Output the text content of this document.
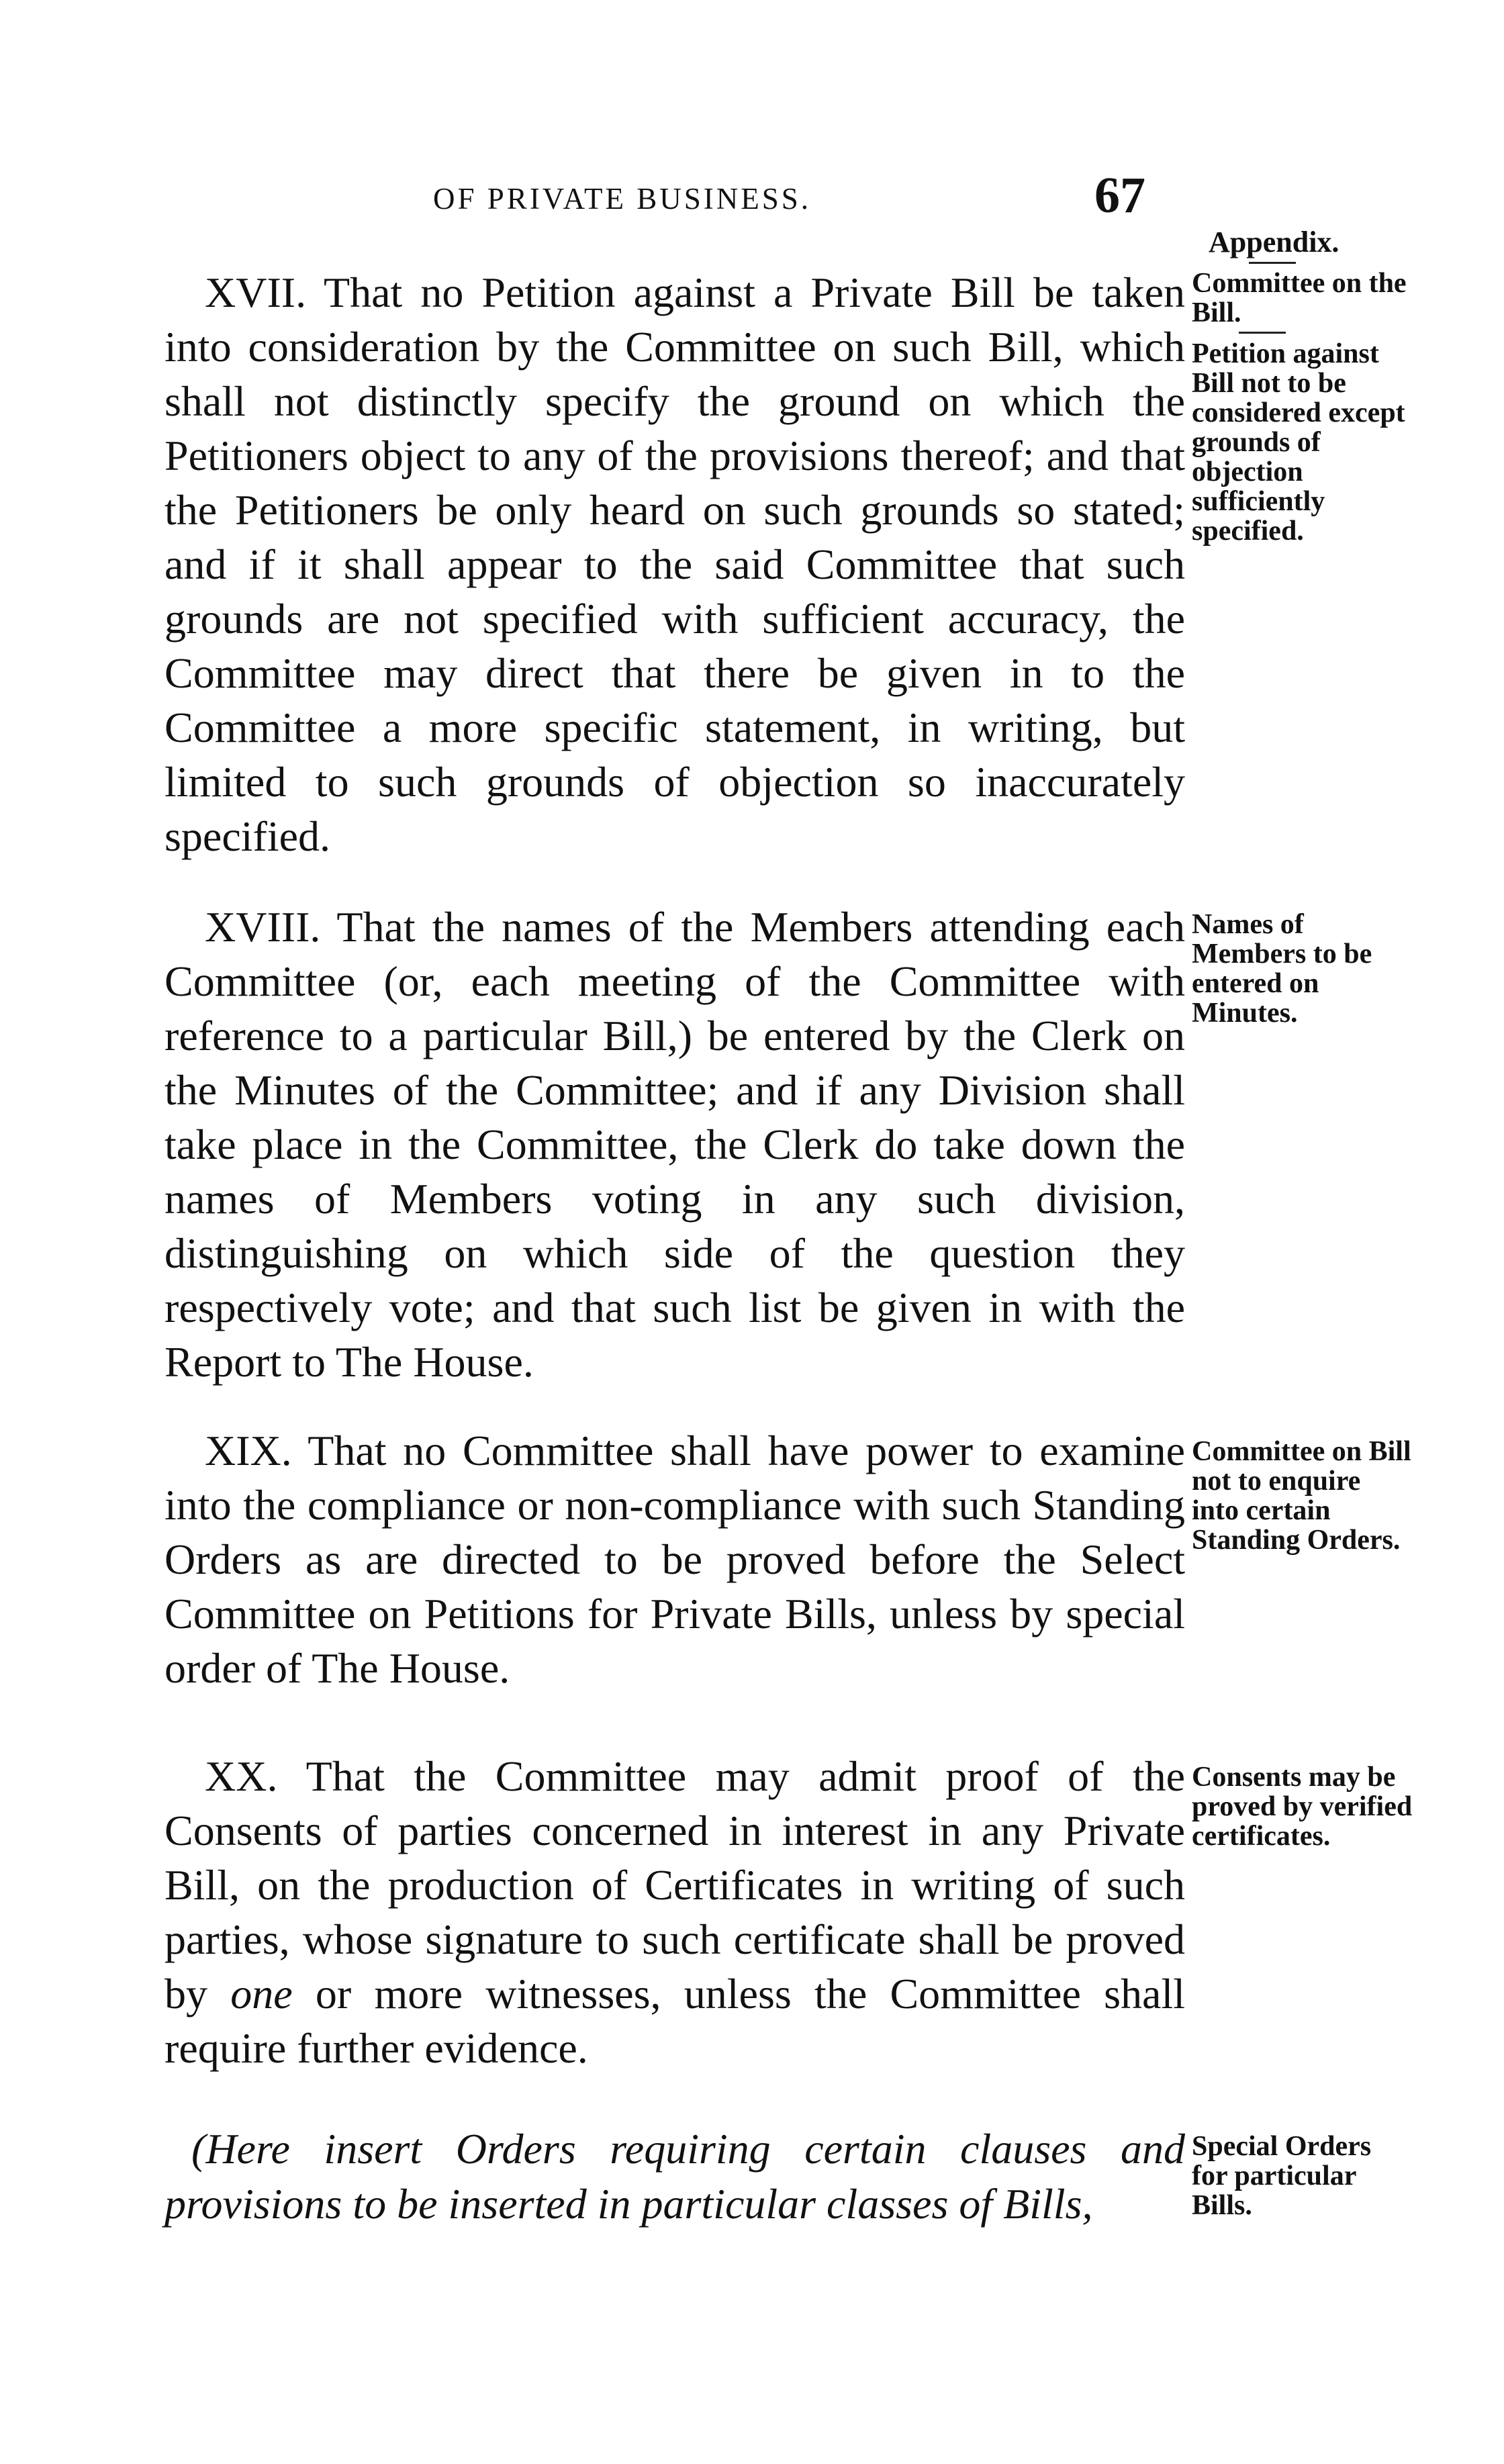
OF PRIVATE BUSINESS.	67
Appendix.
XVII. That no Petition against a Private Bill be taken into consideration by the Committee on such Bill, which shall not distinctly specify the ground on which the Petitioners object to any of the provisions thereof; and that the Petitioners be only heard on such grounds so stated; and if it shall appear to the said Committee that such grounds are not specified with sufficient accuracy, the Committee may direct that there be given in to the Committee a more specific statement, in writing, but limited to such grounds of objection so inaccurately specified.
Committee on the Bill.
Petition against Bill not to be considered except grounds of objection sufficiently specified.
XVIII. That the names of the Members attending each Committee (or, each meeting of the Committee with reference to a particular Bill,) be entered by the Clerk on the Minutes of the Committee; and if any Division shall take place in the Committee, the Clerk do take down the names of Members voting in any such division, distinguishing on which side of the question they respectively vote; and that such list be given in with the Report to The House.
Names of Members to be entered on Minutes.
XIX. That no Committee shall have power to examine into the compliance or non-compliance with such Standing Orders as are directed to be proved before the Select Committee on Petitions for Private Bills, unless by special order of The House.
Committee on Bill not to enquire into certain Standing Orders.
XX. That the Committee may admit proof of the Consents of parties concerned in interest in any Private Bill, on the production of Certificates in writing of such parties, whose signature to such certificate shall be proved by one or more witnesses, unless the Committee shall require further evidence.
Consents may be proved by verified certificates.
(Here insert Orders requiring certain clauses and provisions to be inserted in particular classes of Bills,
Special Orders for particular Bills.
